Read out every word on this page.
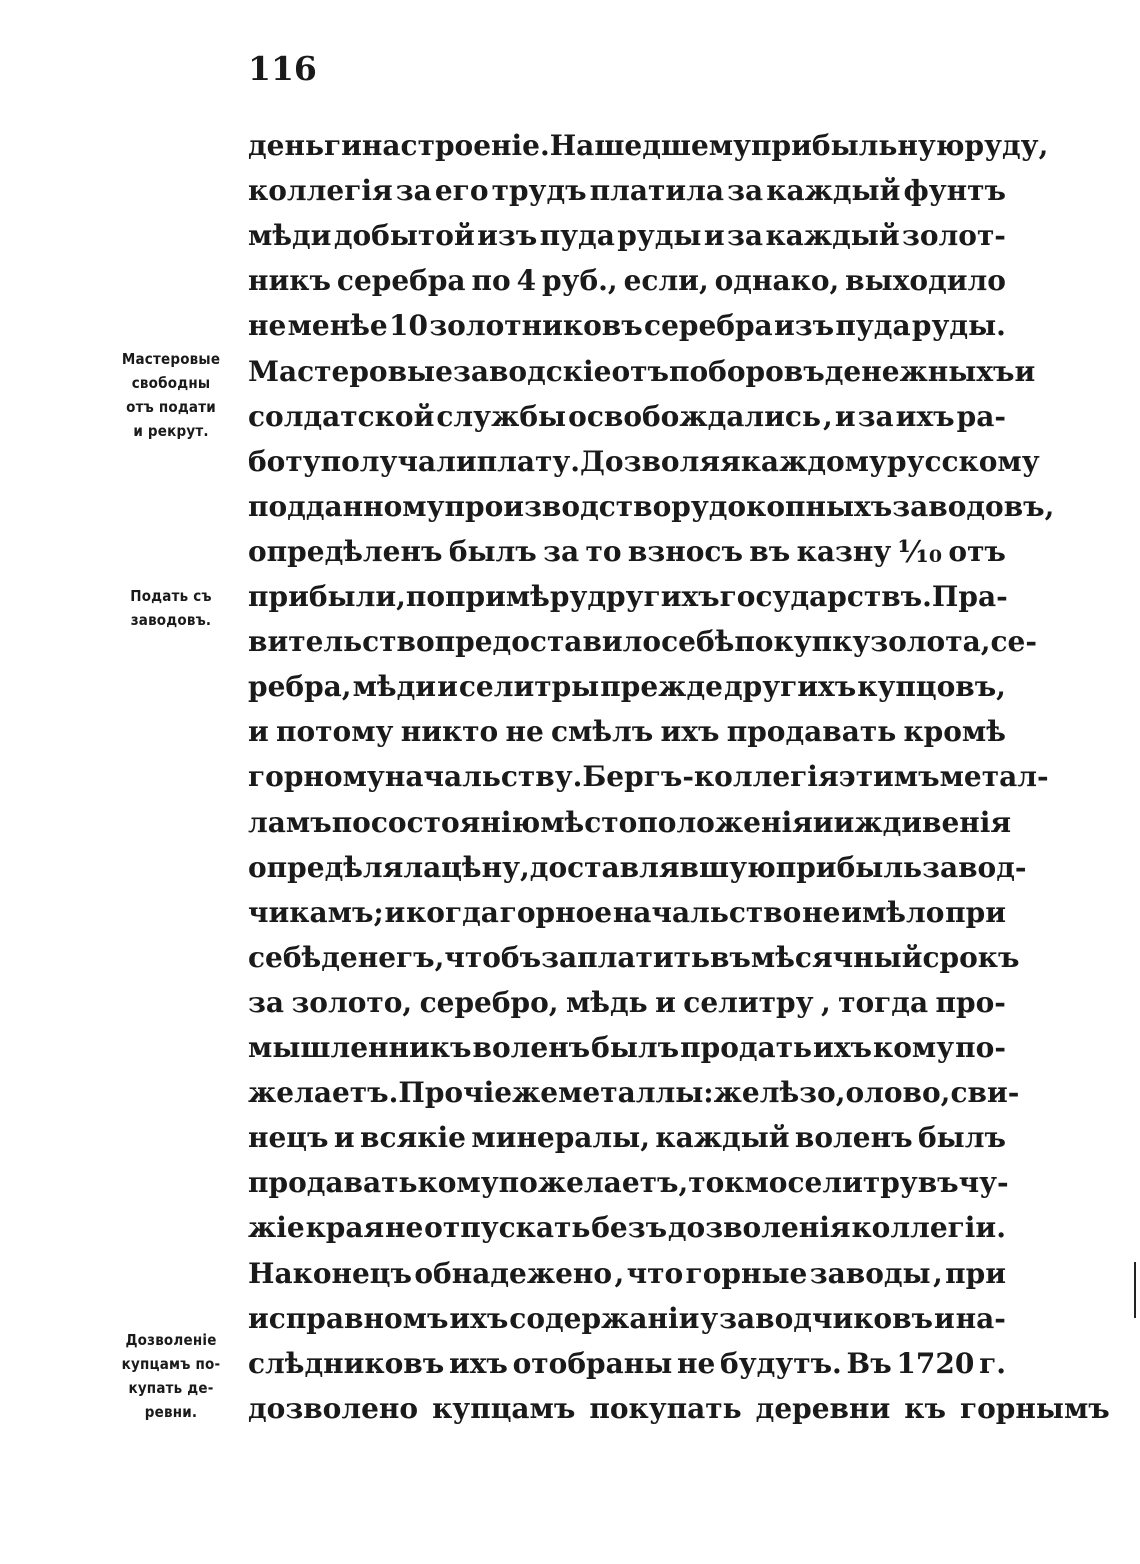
116
деньги на строеніе. Нашедшему прибыльную руду,
коллегія за его трудъ платила за каждый фунтъ
мѣди добытой изъ пуда руды и за каждый золот-
никъ серебра по 4 руб., если, однако, выходило
не менѣе 10 золотниковъ серебра изъ пуда руды.
Мастеровые заводскіе отъ поборовъ денежныхъ и
солдатской службы освобождались , и за ихъ ра-
боту получали плату. Дозволяя каждому русскому
подданному производство рудокопныхъ заводовъ,
опредѣленъ былъ за то взносъ въ казну ¹⁄₁₀ отъ
прибыли, по примѣру другихъ государствъ. Пра-
вительство предоставило себѣ покупку золота, се-
ребра, мѣди и селитры прежде другихъ купцовъ,
и потому никто не смѣлъ ихъ продавать кромѣ
горному начальству. Бергъ-коллегія этимъ метал-
ламъ по состоянію мѣстоположенія и иждивенія
опредѣляла цѣну, доставлявшую прибыль завод-
чикамъ; и когда горное начальство не имѣло при
себѣ денегъ, чтобъ заплатить въ мѣсячный срокъ
за золото, серебро, мѣдь и селитру , тогда про-
мышленникъ воленъ былъ продать ихъ кому по-
желаетъ. Прочіе же металлы: желѣзо, олово, сви-
нецъ и всякіе минералы, каждый воленъ былъ
продавать кому пожелаетъ, токмо селитру въ чу-
жіе края не отпускать безъ дозволенія коллегіи.
Наконецъ обнадежено , что горные заводы , при
исправномъ ихъ содержаніи у заводчиковъ и на-
слѣдниковъ ихъ отобраны не будутъ. Въ 1720 г.
дозволено купцамъ покупать деревни къ горнымъ
Мастеровые
свободны
отъ подати
и рекрут.
Подать съ
заводовъ.
Дозволеніе
купцамъ по-
купать де-
ревни.
